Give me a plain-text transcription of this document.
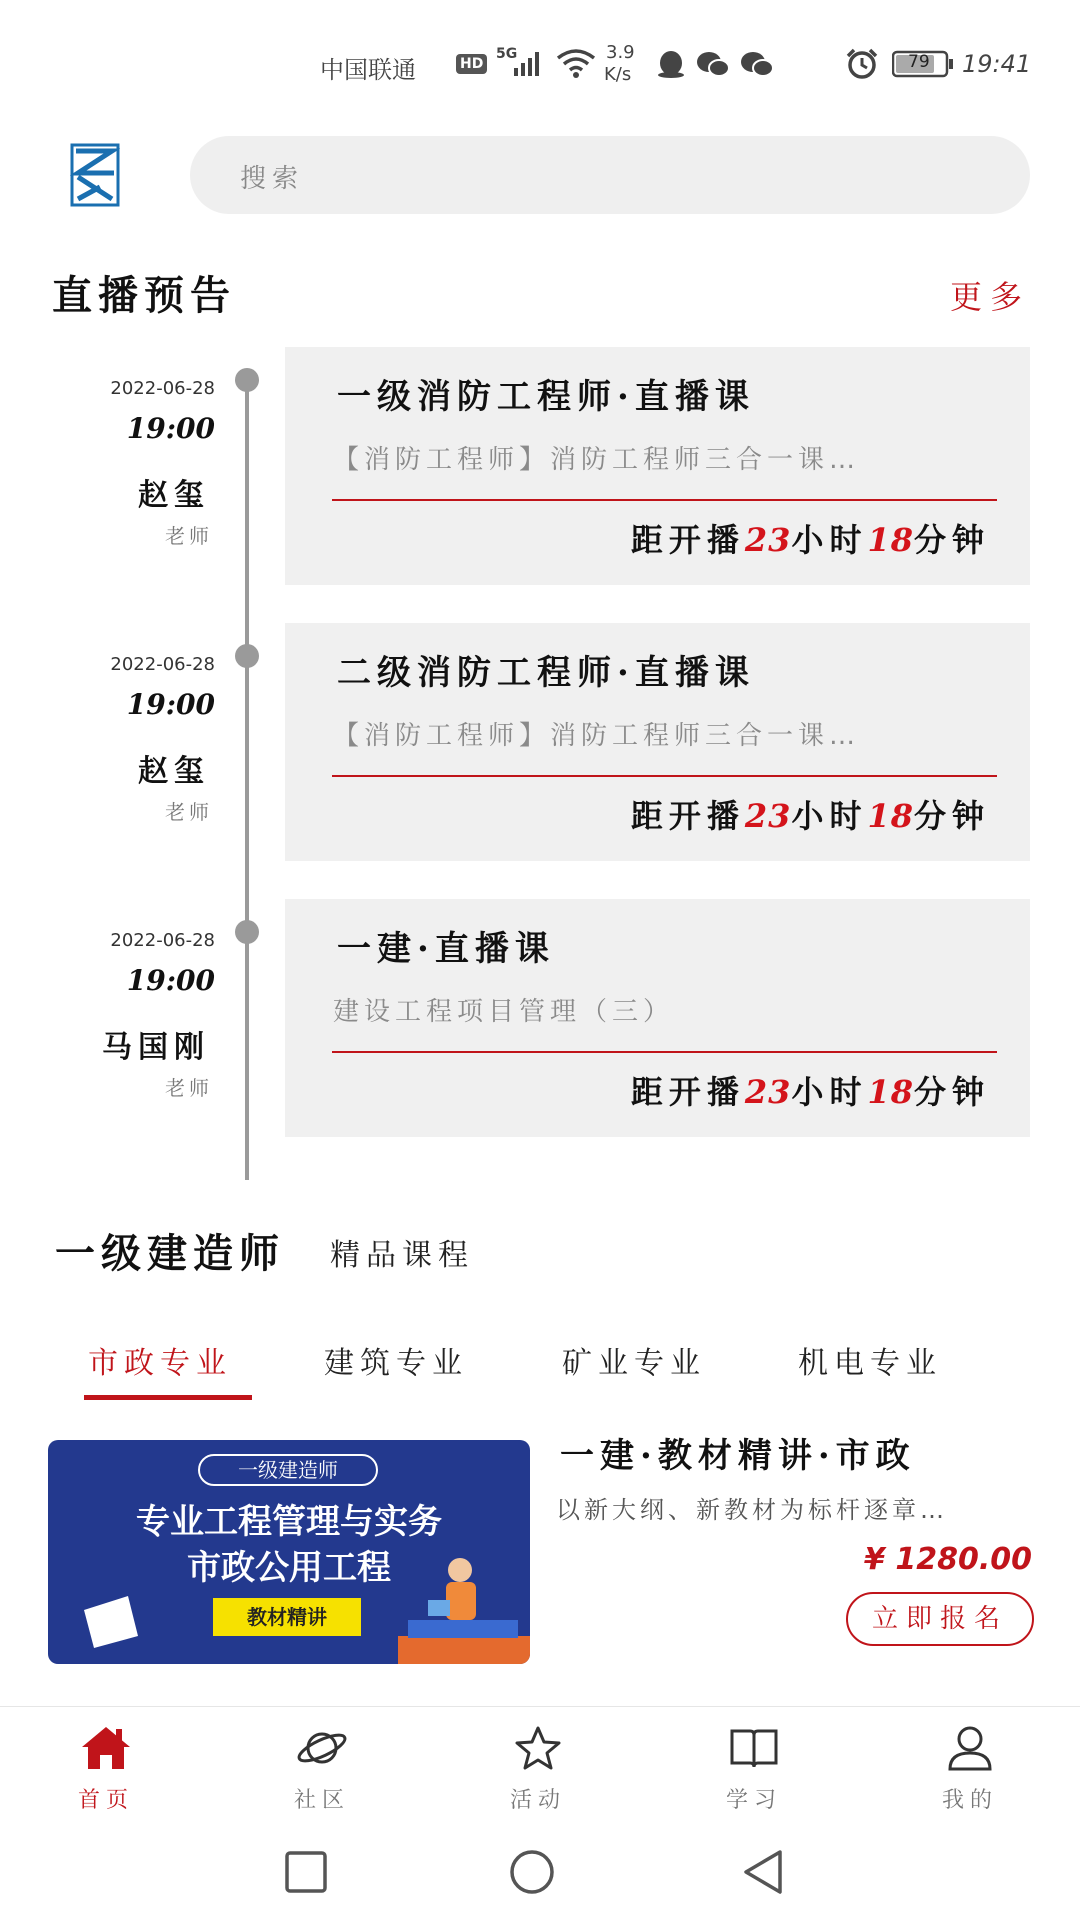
中国联通	HD
5G	3.9
K/s
79 19:41
搜索
直播预告	更多
2022-06-28
19:00
赵玺
老师
一级消防工程师·直播课
【消防工程师】消防工程师三合一课…
距开播23小时18分钟
2022-06-28
19:00
赵玺
老师
二级消防工程师·直播课
【消防工程师】消防工程师三合一课…
距开播23小时18分钟
2022-06-28
19:00
马国刚
老师
一建·直播课
建设工程项目管理（三）
距开播23小时18分钟
一级建造师 精品课程
市政专业	建筑专业	矿业专业	机电专业
一级建造师
专业工程管理与实务
市政公用工程
教材精讲
一建·教材精讲·市政
以新大纲、新教材为标杆逐章…
¥ 1280.00
立即报名
首页	社区	活动	学习	我的
